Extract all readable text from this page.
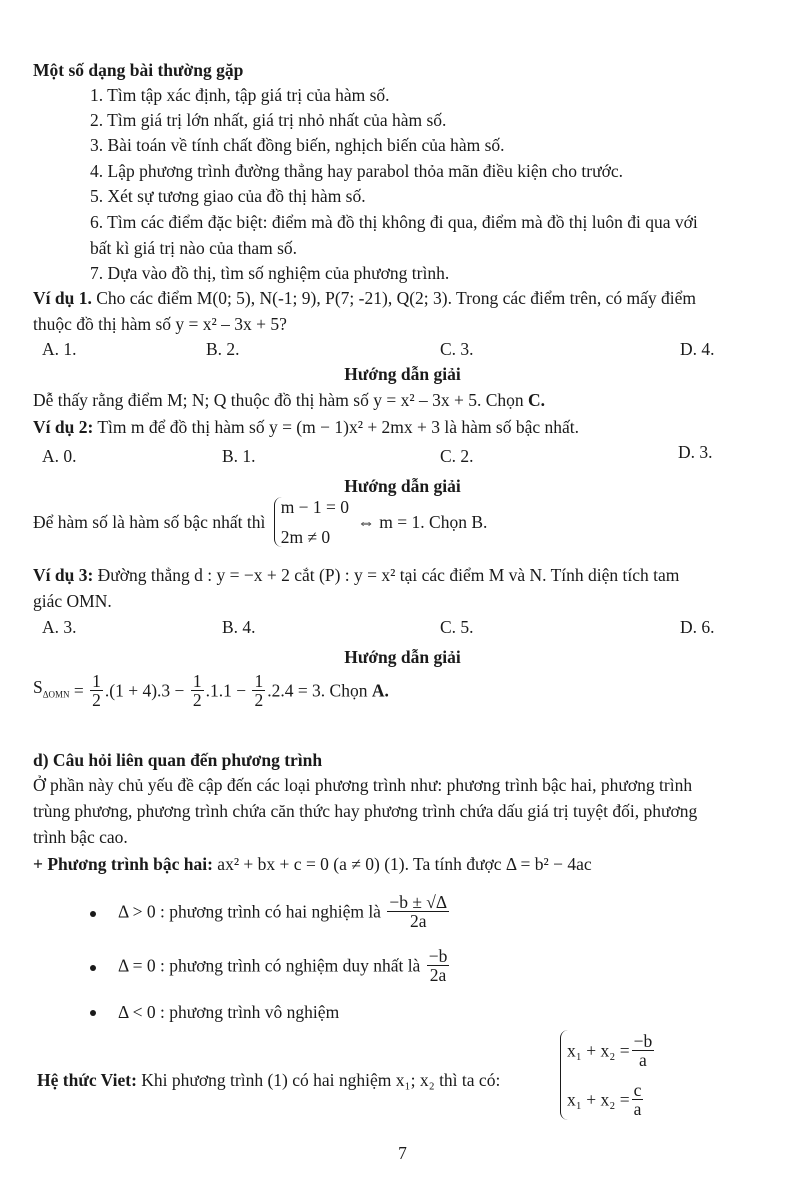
Một số dạng bài thường gặp
1. Tìm tập xác định, tập giá trị của hàm số.
2. Tìm giá trị lớn nhất, giá trị nhỏ nhất của hàm số.
3. Bài toán về tính chất đồng biến, nghịch biến của hàm số.
4. Lập phương trình đường thẳng hay parabol thỏa mãn điều kiện cho trước.
5. Xét sự tương giao của đồ thị hàm số.
6. Tìm các điểm đặc biệt: điểm mà đồ thị không đi qua, điểm mà đồ thị luôn đi qua với
bất kì giá trị nào của tham số.
7. Dựa vào đồ thị, tìm số nghiệm của phương trình.
Ví dụ 1. Cho các điểm M(0; 5), N(-1; 9), P(7; -21), Q(2; 3). Trong các điểm trên, có mấy điểm
thuộc đồ thị hàm số y = x² – 3x + 5?
A. 1.	B. 2.	C. 3.	D. 4.
Hướng dẫn giải
Dễ thấy rằng điểm M; N; Q thuộc đồ thị hàm số y = x² – 3x + 5. Chọn C.
Ví dụ 2: Tìm m để đồ thị hàm số y = (m − 1)x² + 2mx + 3 là hàm số bậc nhất.
A. 0.	B. 1.	C. 2.	D. 3.
Hướng dẫn giải
Để hàm số là hàm số bậc nhất thì
m − 1 = 0
2m ≠ 0
⇔ m = 1. Chọn B.
Ví dụ 3: Đường thẳng d : y = −x + 2 cắt (P) : y = x² tại các điểm M và N. Tính diện tích tam
giác OMN.
A. 3.	B. 4.	C. 5.	D. 6.
Hướng dẫn giải
$S_{\Delta OMN} = \frac{1}{2} .(1 + 4).3 - \frac{1}{2} .1.1 - \frac{1}{2} .2.4 = 3$. Chọn A.
d) Câu hỏi liên quan đến phương trình
Ở phần này chủ yếu đề cập đến các loại phương trình như: phương trình bậc hai, phương trình
trùng phương, phương trình chứa căn thức hay phương trình chứa dấu giá trị tuyệt đối, phương
trình bậc cao.
+ Phương trình bậc hai: ax² + bx + c = 0 (a ≠ 0) (1). Ta tính được Δ = b² − 4ac
Δ > 0 : phương trình có hai nghiệm là $\frac{-b \pm √\Delta}{2a}$
Δ = 0 : phương trình có nghiệm duy nhất là $\frac{-b}{2a}$
Δ < 0 : phương trình vô nghiệm
Hệ thức Viet: Khi phương trình (1) có hai nghiệm x₁; x₂ thì ta có:
$x_1 + x_2 = \frac{-b}{a}$
$x_1 + x_2 = \frac{c}{a}$
7
